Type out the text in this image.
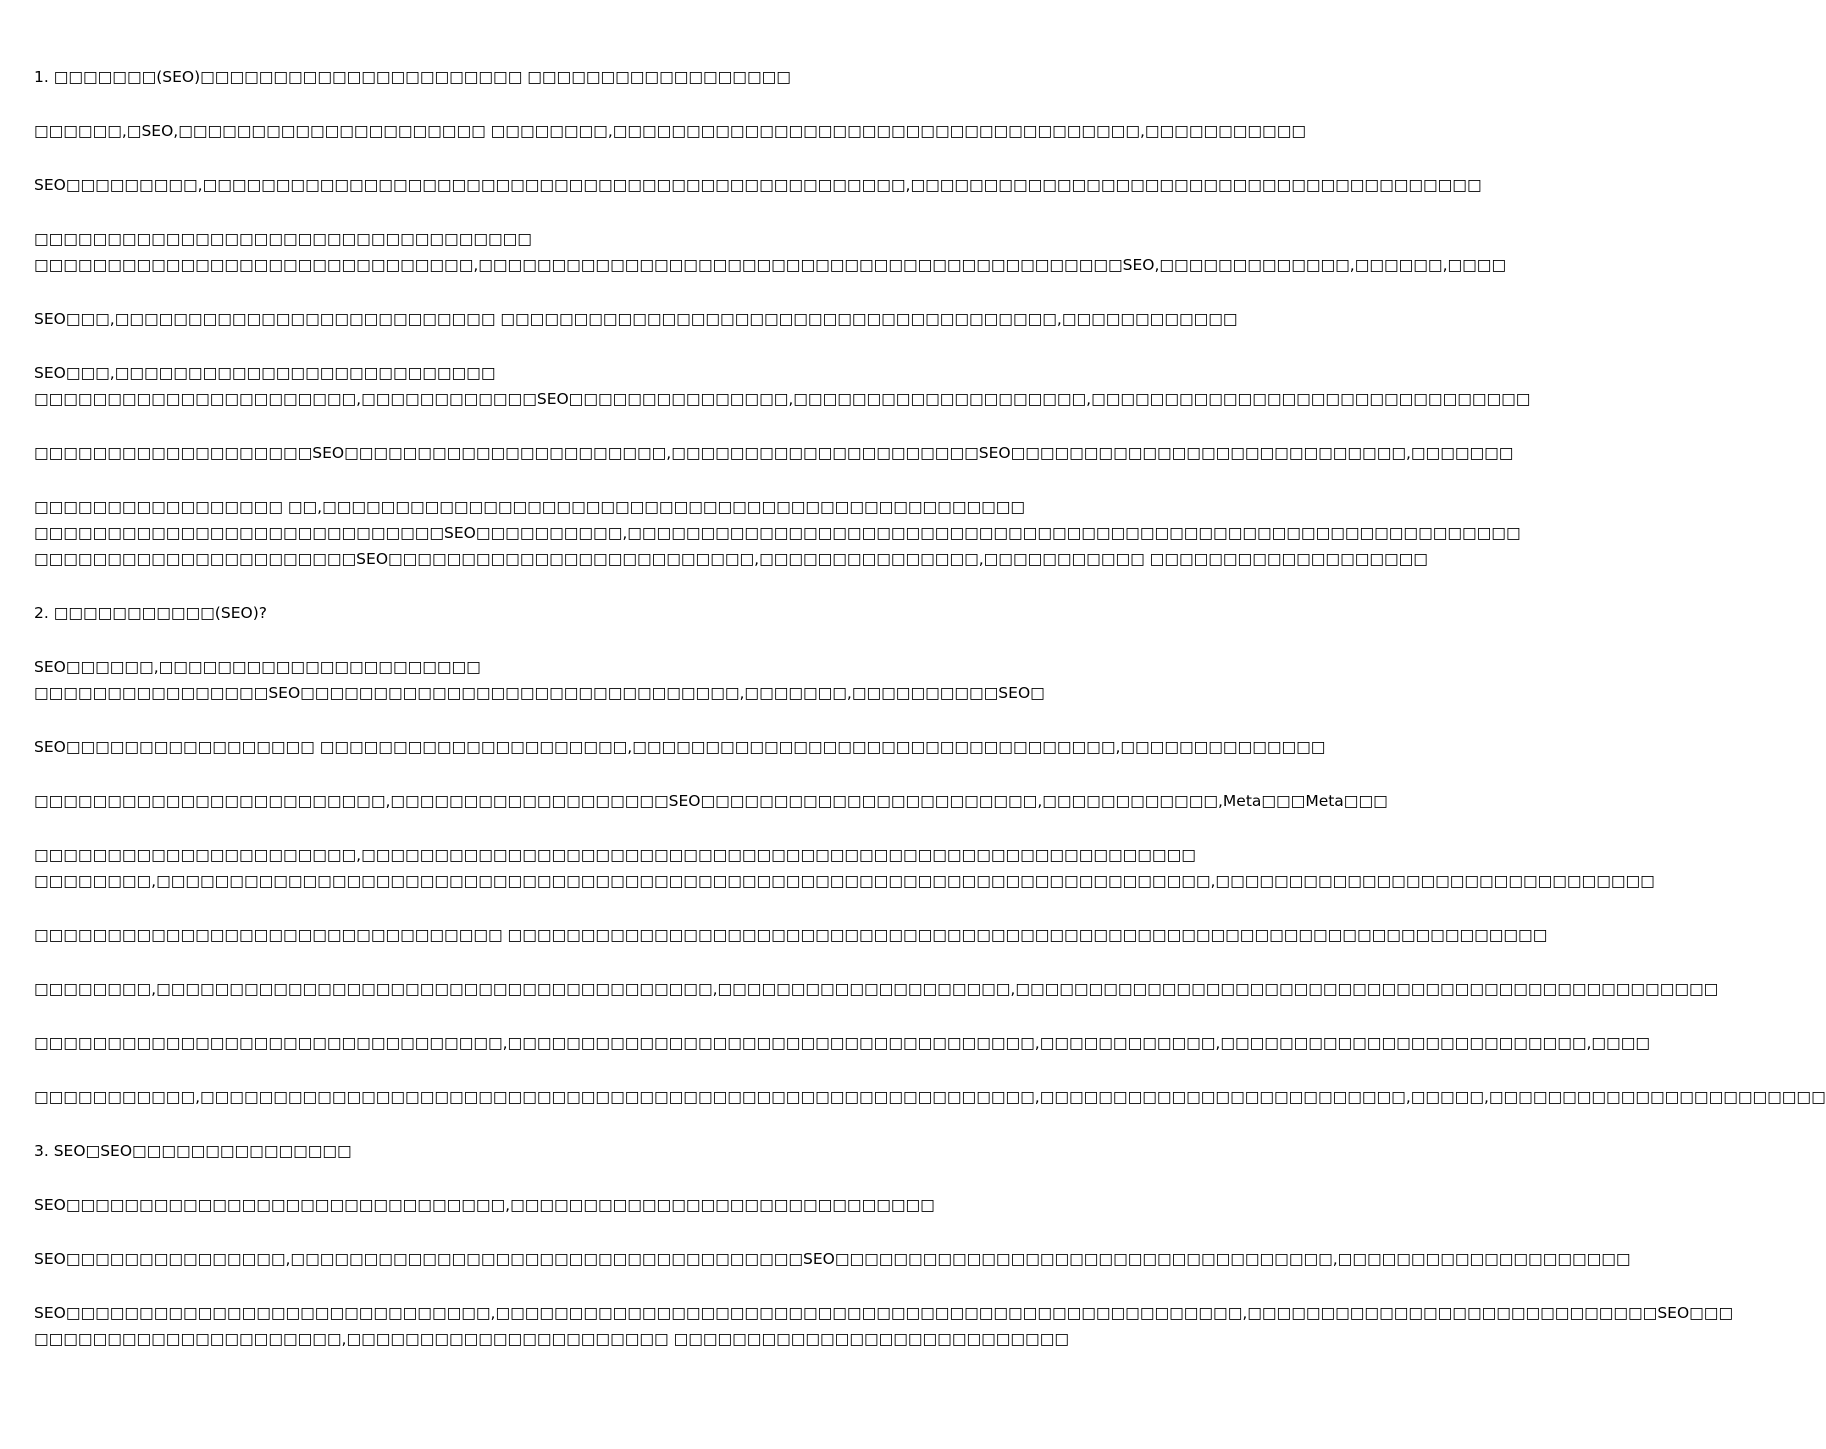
1. □□□□□□□(SEO)□□□□□□□□□□□□□□□□□□□□□□ □□□□□□□□□□□□□□□□□□
□□□□□□,□SEO,□□□□□□□□□□□□□□□□□□□□□ □□□□□□□□,□□□□□□□□□□□□□□□□□□□□□□□□□□□□□□□□□□□□,□□□□□□□□□□□
SEO□□□□□□□□□,□□□□□□□□□□□□□□□□□□□□□□□□□□□□□□□□□□□□□□□□□□□□□□□□,□□□□□□□□□□□□□□□□□□□□□□□□□□□□□□□□□□□□□□□
□□□□□□□□□□□□□□□□□□□□□□□□□□□□□□□□□□
□□□□□□□□□□□□□□□□□□□□□□□□□□□□□□,□□□□□□□□□□□□□□□□□□□□□□□□□□□□□□□□□□□□□□□□□□□□SEO,□□□□□□□□□□□□□,□□□□□□,□□□□
SEO□□□,□□□□□□□□□□□□□□□□□□□□□□□□□□ □□□□□□□□□□□□□□□□□□□□□□□□□□□□□□□□□□□□□□,□□□□□□□□□□□□
SEO□□□,□□□□□□□□□□□□□□□□□□□□□□□□□□
□□□□□□□□□□□□□□□□□□□□□□,□□□□□□□□□□□□SEO□□□□□□□□□□□□□□□,□□□□□□□□□□□□□□□□□□□□,□□□□□□□□□□□□□□□□□□□□□□□□□□□□□□
□□□□□□□□□□□□□□□□□□□SEO□□□□□□□□□□□□□□□□□□□□□□,□□□□□□□□□□□□□□□□□□□□□SEO□□□□□□□□□□□□□□□□□□□□□□□□□□□,□□□□□□□
□□□□□□□□□□□□□□□□□ □□,□□□□□□□□□□□□□□□□□□□□□□□□□□□□□□□□□□□□□□□□□□□□□□□□
□□□□□□□□□□□□□□□□□□□□□□□□□□□□SEO□□□□□□□□□□,□□□□□□□□□□□□□□□□□□□□□□□□□□□□□□□□□□□□□□□□□□□□□□□□□□□□□□□□□□□□□
□□□□□□□□□□□□□□□□□□□□□□SEO□□□□□□□□□□□□□□□□□□□□□□□□□,□□□□□□□□□□□□□□□,□□□□□□□□□□□ □□□□□□□□□□□□□□□□□□□
2. □□□□□□□□□□□(SEO)?
SEO□□□□□□,□□□□□□□□□□□□□□□□□□□□□□
□□□□□□□□□□□□□□□□SEO□□□□□□□□□□□□□□□□□□□□□□□□□□□□□□,□□□□□□□,□□□□□□□□□□SEO□
SEO□□□□□□□□□□□□□□□□□ □□□□□□□□□□□□□□□□□□□□□,□□□□□□□□□□□□□□□□□□□□□□□□□□□□□□□□□,□□□□□□□□□□□□□□
□□□□□□□□□□□□□□□□□□□□□□□□,□□□□□□□□□□□□□□□□□□□SEO□□□□□□□□□□□□□□□□□□□□□□□,□□□□□□□□□□□□,Meta□□□Meta□□□
□□□□□□□□□□□□□□□□□□□□□□,□□□□□□□□□□□□□□□□□□□□□□□□□□□□□□□□□□□□□□□□□□□□□□□□□□□□□□□□□
□□□□□□□□,□□□□□□□□□□□□□□□□□□□□□□□□□□□□□□□□□□□□□□□□□□□□□□□□□□□□□□□□□□□□□□□□□□□□□□□□,□□□□□□□□□□□□□□□□□□□□□□□□□□□□□□
□□□□□□□□□□□□□□□□□□□□□□□□□□□□□□□□ □□□□□□□□□□□□□□□□□□□□□□□□□□□□□□□□□□□□□□□□□□□□□□□□□□□□□□□□□□□□□□□□□□□□□□□
□□□□□□□□,□□□□□□□□□□□□□□□□□□□□□□□□□□□□□□□□□□□□□□,□□□□□□□□□□□□□□□□□□□□,□□□□□□□□□□□□□□□□□□□□□□□□□□□□□□□□□□□□□□□□□□□□□□□□
□□□□□□□□□□□□□□□□□□□□□□□□□□□□□□□□,□□□□□□□□□□□□□□□□□□□□□□□□□□□□□□□□□□□□,□□□□□□□□□□□□,□□□□□□□□□□□□□□□□□□□□□□□□□,□□□□
□□□□□□□□□□□,□□□□□□□□□□□□□□□□□□□□□□□□□□□□□□□□□□□□□□□□□□□□□□□□□□□□□□□□□,□□□□□□□□□□□□□□□□□□□□□□□□□,□□□□□,□□□□□□□□□□□□□□□□□□□□□□□
3. SEO□SEO□□□□□□□□□□□□□□□
SEO□□□□□□□□□□□□□□□□□□□□□□□□□□□□□□,□□□□□□□□□□□□□□□□□□□□□□□□□□□□□
SEO□□□□□□□□□□□□□□□,□□□□□□□□□□□□□□□□□□□□□□□□□□□□□□□□□□□SEO□□□□□□□□□□□□□□□□□□□□□□□□□□□□□□□□□□,□□□□□□□□□□□□□□□□□□□□
SEO□□□□□□□□□□□□□□□□□□□□□□□□□□□□□,□□□□□□□□□□□□□□□□□□□□□□□□□□□□□□□□□□□□□□□□□□□□□□□□□□□,□□□□□□□□□□□□□□□□□□□□□□□□□□□□SEO□□□
□□□□□□□□□□□□□□□□□□□□□,□□□□□□□□□□□□□□□□□□□□□□ □□□□□□□□□□□□□□□□□□□□□□□□□□□
